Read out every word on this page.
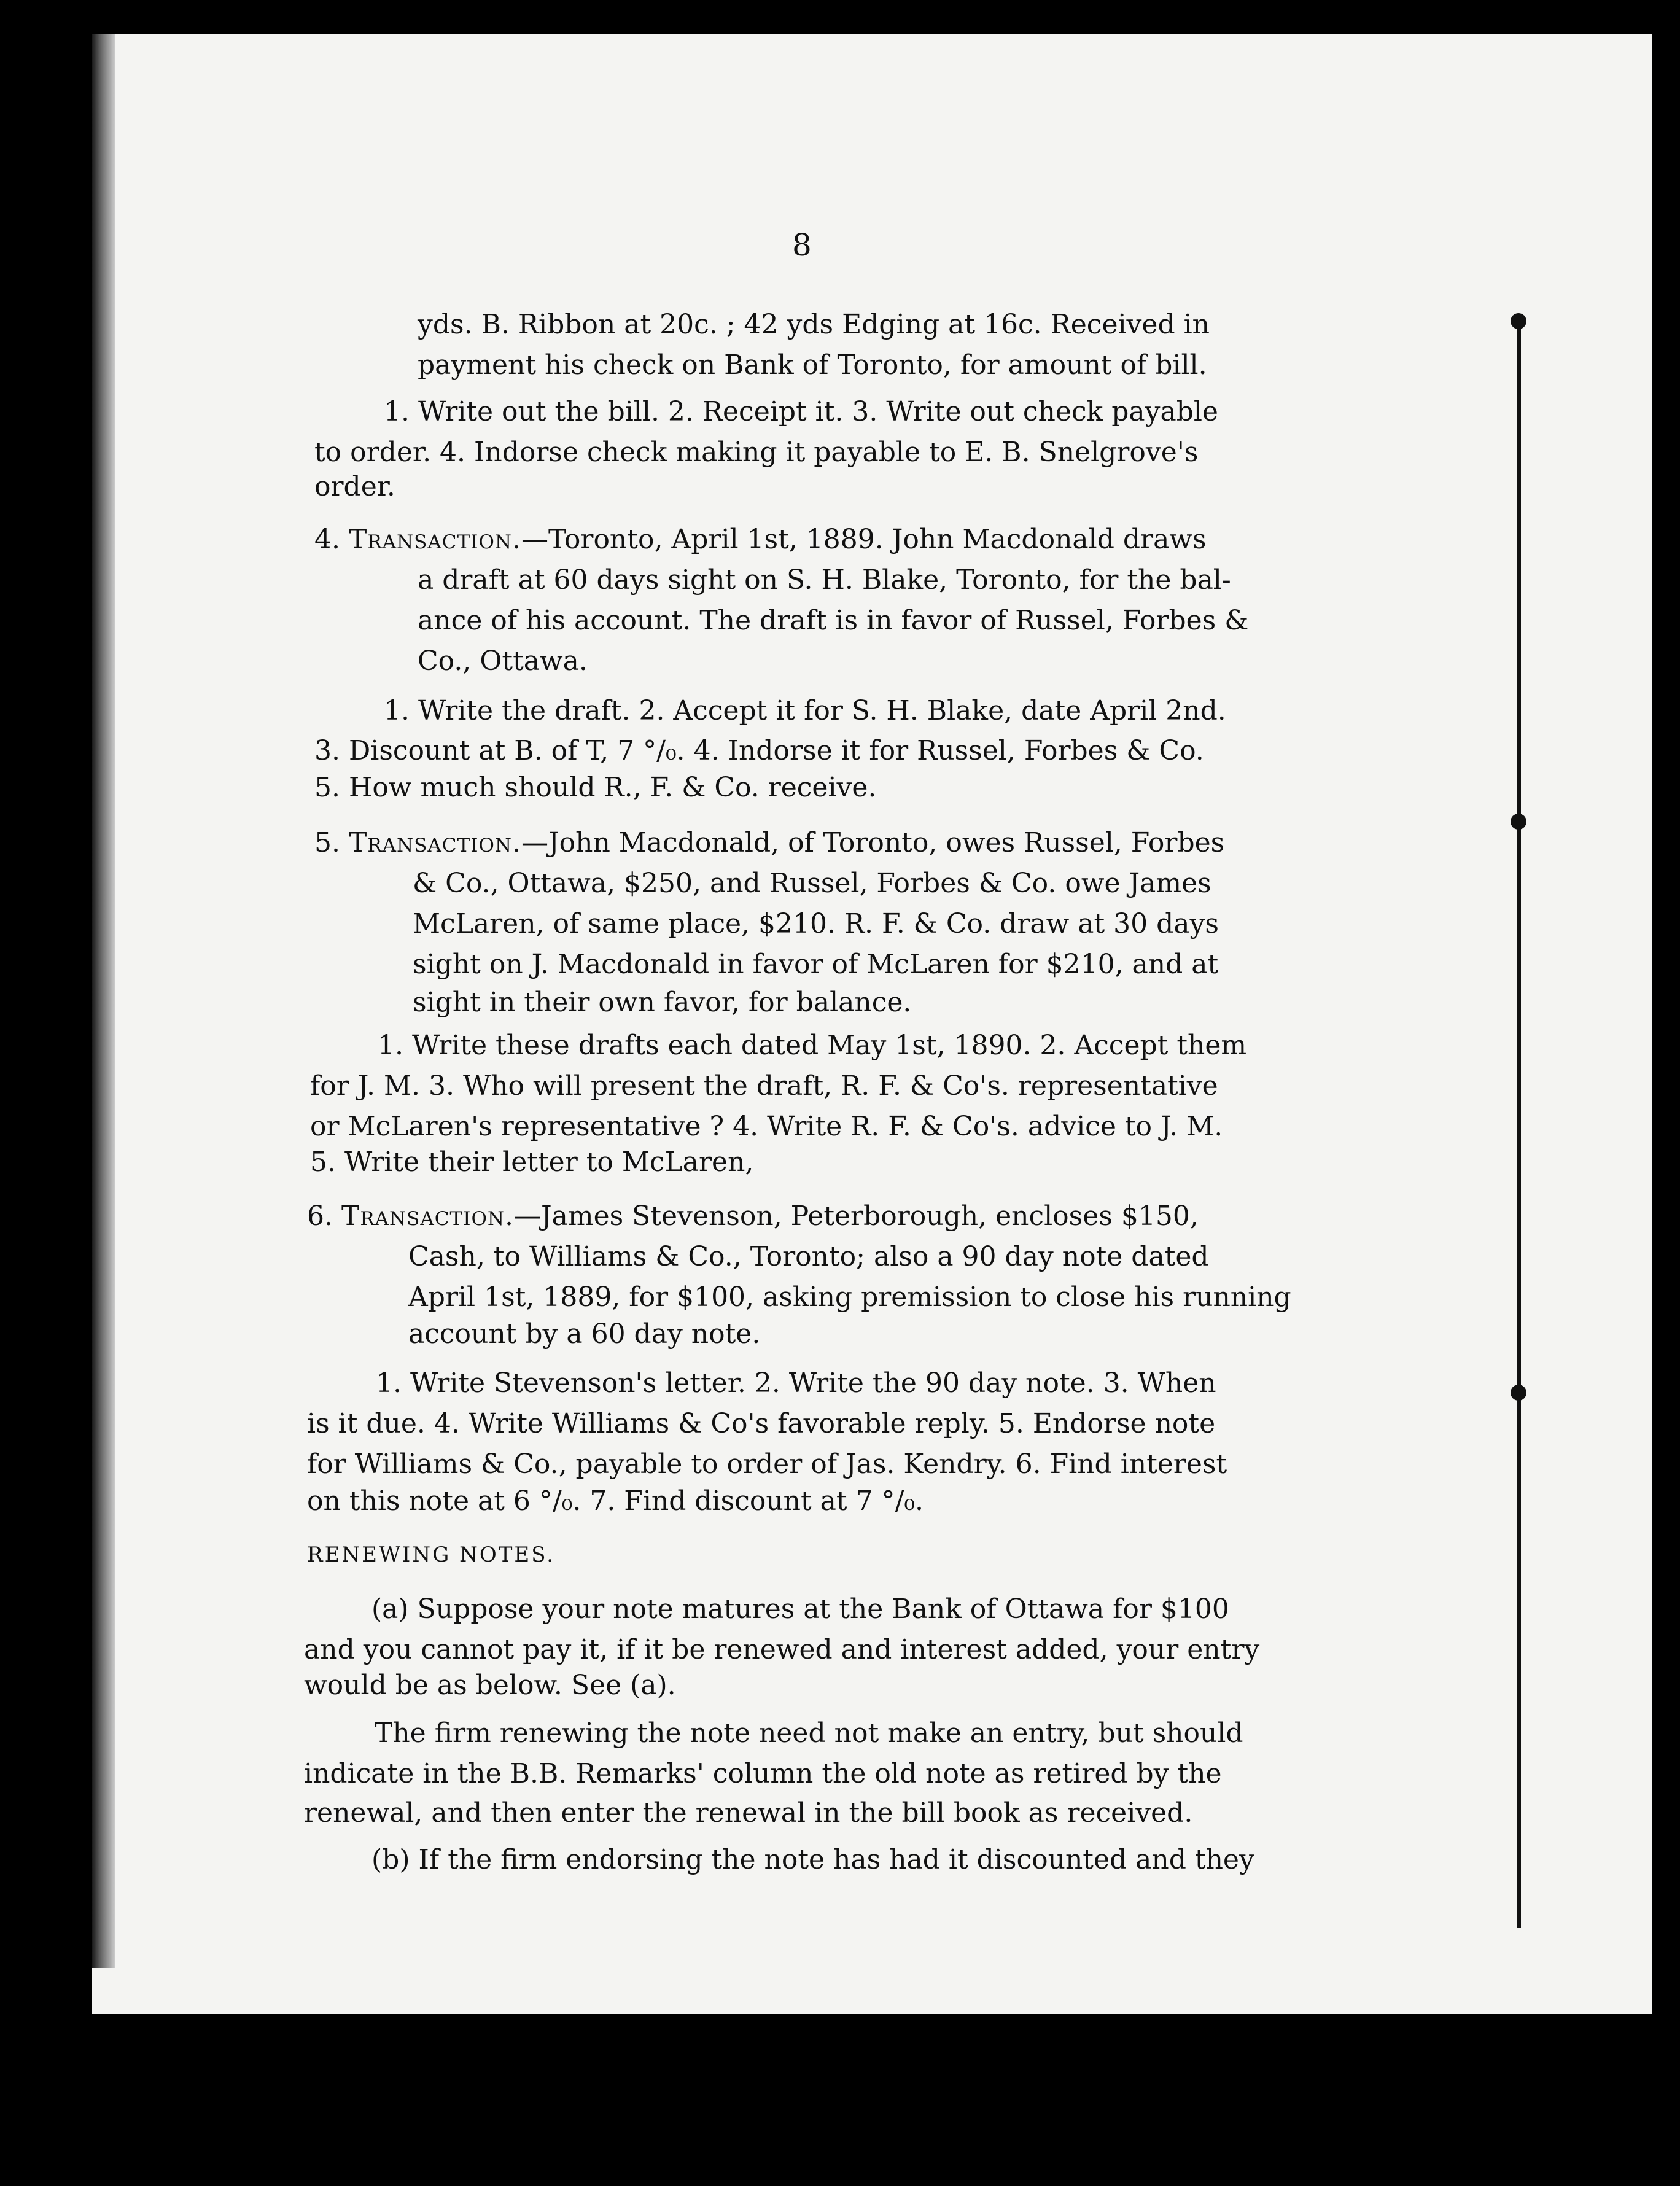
8
yds. B. Ribbon at 20c. ; 42 yds Edging at 16c. Received in
payment his check on Bank of Toronto, for amount of bill.
1. Write out the bill. 2. Receipt it. 3. Write out check payable
to order. 4. Indorse check making it payable to E. B. Snelgrove's
order.
4. Transaction.—Toronto, April 1st, 1889. John Macdonald draws
a draft at 60 days sight on S. H. Blake, Toronto, for the bal-
ance of his account. The draft is in favor of Russel, Forbes &
Co., Ottawa.
1. Write the draft. 2. Accept it for S. H. Blake, date April 2nd.
3. Discount at B. of T, 7 °/₀. 4. Indorse it for Russel, Forbes & Co.
5. How much should R., F. & Co. receive.
5. Transaction.—John Macdonald, of Toronto, owes Russel, Forbes
& Co., Ottawa, $250, and Russel, Forbes & Co. owe James
McLaren, of same place, $210. R. F. & Co. draw at 30 days
sight on J. Macdonald in favor of McLaren for $210, and at
sight in their own favor, for balance.
1. Write these drafts each dated May 1st, 1890. 2. Accept them
for J. M. 3. Who will present the draft, R. F. & Co's. representative
or McLaren's representative ? 4. Write R. F. & Co's. advice to J. M.
5. Write their letter to McLaren,
6. Transaction.—James Stevenson, Peterborough, encloses $150,
Cash, to Williams & Co., Toronto; also a 90 day note dated
April 1st, 1889, for $100, asking premission to close his running
account by a 60 day note.
1. Write Stevenson's letter. 2. Write the 90 day note. 3. When
is it due. 4. Write Williams & Co's favorable reply. 5. Endorse note
for Williams & Co., payable to order of Jas. Kendry. 6. Find interest
on this note at 6 °/₀. 7. Find discount at 7 °/₀.
RENEWING NOTES.
(a) Suppose your note matures at the Bank of Ottawa for $100
and you cannot pay it, if it be renewed and interest added, your entry
would be as below. See (a).
The firm renewing the note need not make an entry, but should
indicate in the B.B. Remarks' column the old note as retired by the
renewal, and then enter the renewal in the bill book as received.
(b) If the firm endorsing the note has had it discounted and they
